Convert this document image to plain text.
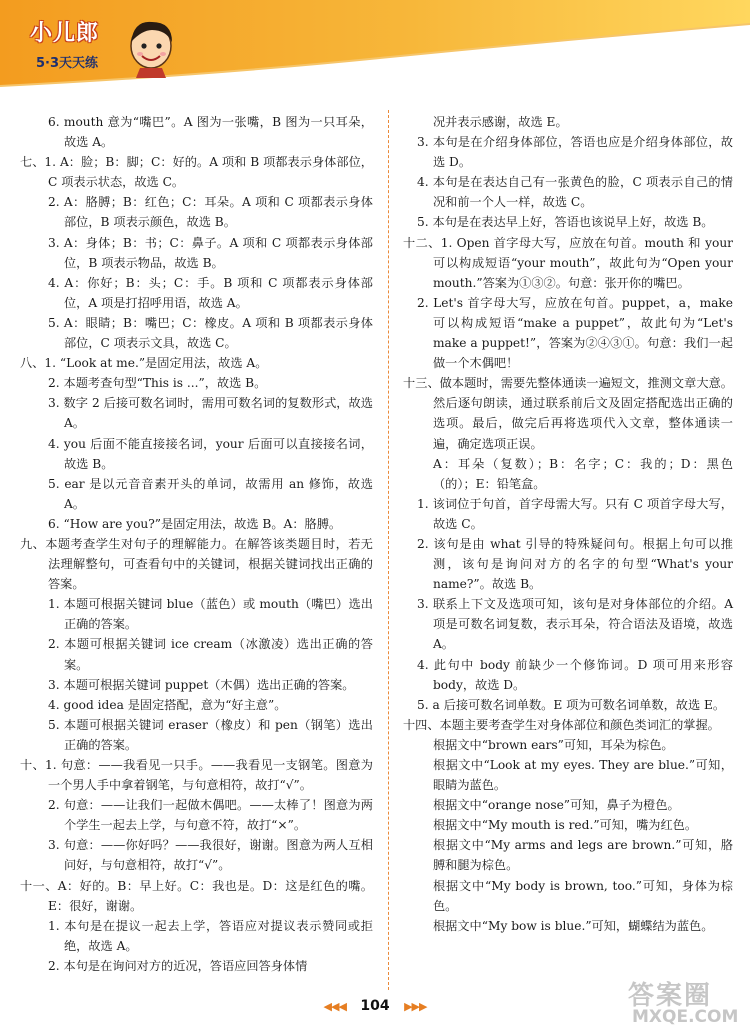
小儿郎
5·3天天练

6. mouth 意为“嘴巴”。A 图为一张嘴，B 图为一只耳朵，故选 A。

七、1. A：脸；B：脚；C：好的。A 项和 B 项都表示身体部位，C 项表示状态，故选 C。

2. A：胳膊；B：红色；C：耳朵。A 项和 C 项都表示身体部位，B 项表示颜色，故选 B。

3. A：身体；B：书；C：鼻子。A 项和 C 项都表示身体部位，B 项表示物品，故选 B。

4. A：你好；B：头；C：手。B 项和 C 项都表示身体部位，A 项是打招呼用语，故选 A。

5. A：眼睛；B：嘴巴；C：橡皮。A 项和 B 项都表示身体部位，C 项表示文具，故选 C。

八、1. “Look at me.”是固定用法，故选 A。

2. 本题考查句型“This is ...”，故选 B。

3. 数字 2 后接可数名词时，需用可数名词的复数形式，故选 A。

4. you 后面不能直接接名词，your 后面可以直接接名词，故选 B。

5. ear 是以元音音素开头的单词，故需用 an 修饰，故选 A。

6. “How are you?”是固定用法，故选 B。A：胳膊。

九、本题考查学生对句子的理解能力。在解答该类题目时，若无法理解整句，可查看句中的关键词，根据关键词找出正确的答案。

1. 本题可根据关键词 blue（蓝色）或 mouth（嘴巴）选出正确的答案。

2. 本题可根据关键词 ice cream（冰激凌）选出正确的答案。

3. 本题可根据关键词 puppet（木偶）选出正确的答案。

4. good idea 是固定搭配，意为“好主意”。

5. 本题可根据关键词 eraser（橡皮）和 pen（钢笔）选出正确的答案。

十、1. 句意：——我看见一只手。——我看见一支钢笔。图意为一个男人手中拿着钢笔，与句意相符，故打“√”。

2. 句意：——让我们一起做木偶吧。——太棒了！图意为两个学生一起去上学，与句意不符，故打“×”。

3. 句意：——你好吗？——我很好，谢谢。图意为两人互相问好，与句意相符，故打“√”。

十一、A：好的。B：早上好。C：我也是。D：这是红色的嘴。E：很好，谢谢。

1. 本句是在提议一起去上学，答语应对提议表示赞同或拒绝，故选 A。

2. 本句是在询问对方的近况，答语应回答身体情

况并表示感谢，故选 E。

3. 本句是在介绍身体部位，答语也应是介绍身体部位，故选 D。

4. 本句是在表达自己有一张黄色的脸，C 项表示自己的情况和前一个人一样，故选 C。

5. 本句是在表达早上好，答语也该说早上好，故选 B。

十二、1. Open 首字母大写，应放在句首。mouth 和 your 可以构成短语“your mouth”，故此句为“Open your mouth.”答案为①③②。句意：张开你的嘴巴。

2. Let's 首字母大写，应放在句首。puppet，a，make 可以构成短语“make a puppet”，故此句为“Let's make a puppet!”，答案为②④③①。句意：我们一起做一个木偶吧！

十三、做本题时，需要先整体通读一遍短文，推测文章大意。然后逐句朗读，通过联系前后文及固定搭配选出正确的选项。最后，做完后再将选项代入文章，整体通读一遍，确定选项正误。

A：耳朵（复数）；B：名字；C：我的；D：黑色（的）；E：铅笔盒。

1. 该词位于句首，首字母需大写。只有 C 项首字母大写，故选 C。

2. 该句是由 what 引导的特殊疑问句。根据上句可以推测，该句是询问对方的名字的句型“What's your name?”。故选 B。

3. 联系上下文及选项可知，该句是对身体部位的介绍。A 项是可数名词复数，表示耳朵，符合语法及语境，故选 A。

4. 此句中 body 前缺少一个修饰词。D 项可用来形容 body，故选 D。

5. a 后接可数名词单数。E 项为可数名词单数，故选 E。

十四、本题主要考查学生对身体部位和颜色类词汇的掌握。

根据文中“brown ears”可知，耳朵为棕色。

根据文中“Look at my eyes. They are blue.”可知，眼睛为蓝色。

根据文中“orange nose”可知，鼻子为橙色。

根据文中“My mouth is red.”可知，嘴为红色。

根据文中“My arms and legs are brown.”可知，胳膊和腿为棕色。

根据文中“My body is brown, too.”可知，身体为棕色。

根据文中“My bow is blue.”可知，蝴蝶结为蓝色。

◀◀◀ 104 ▶▶▶	答案圈
MXQE.COM
